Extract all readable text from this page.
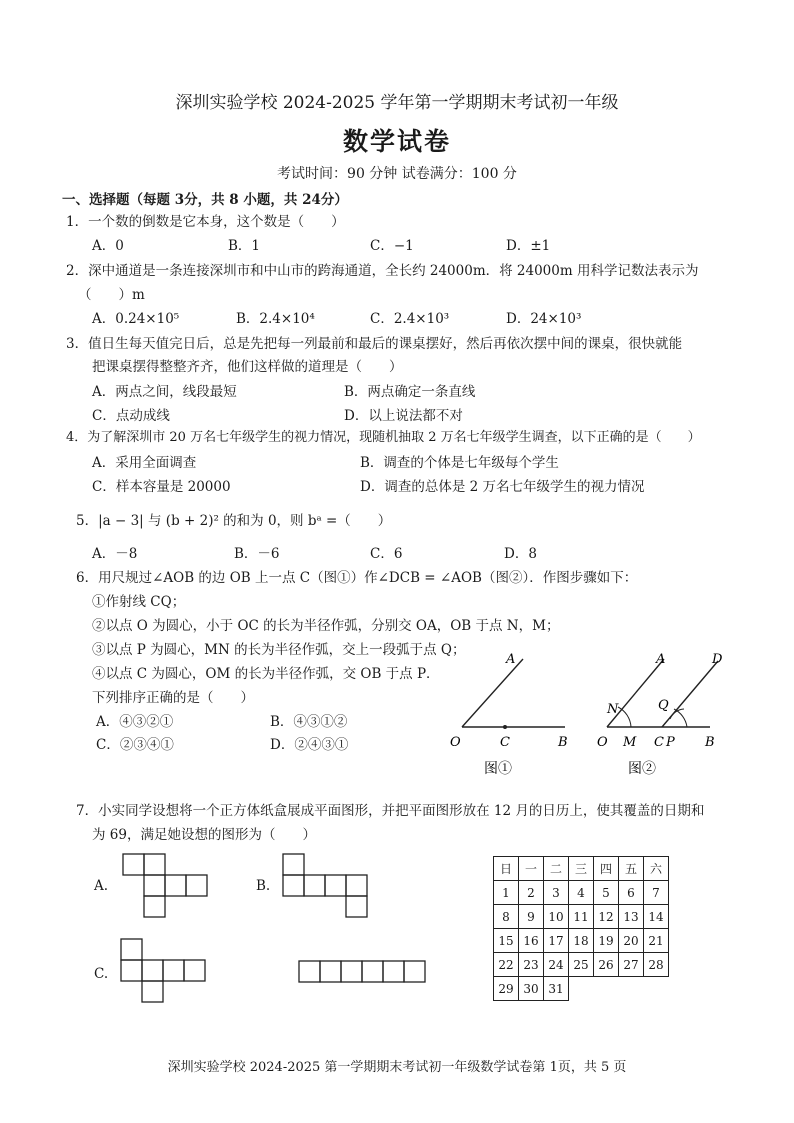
深圳实验学校 2024-2025 学年第一学期期末考试初一年级
数学试卷
考试时间：90 分钟 试卷满分：100 分
一、选择题（每题 3分，共 8 小题，共 24分）
1．一个数的倒数是它本身，这个数是（　　）
A．0	B．1	C．−1	D．±1
2．深中通道是一条连接深圳市和中山市的跨海通道，全长约 24000m．将 24000m 用科学记数法表示为
（　　）m
A．0.24×10⁵	B．2.4×10⁴	C．2.4×10³	D．24×10³
3．值日生每天值完日后，总是先把每一列最前和最后的课桌摆好，然后再依次摆中间的课桌，很快就能
把课桌摆得整整齐齐，他们这样做的道理是（　　）
A．两点之间，线段最短	B．两点确定一条直线
C．点动成线	D．以上说法都不对
4．为了解深圳市 20 万名七年级学生的视力情况，现随机抽取 2 万名七年级学生调查，以下正确的是（　　）
A．采用全面调查	B．调查的个体是七年级每个学生
C．样本容量是 20000	D．调查的总体是 2 万名七年级学生的视力情况
5．|a − 3| 与 (b + 2)² 的和为 0，则 bᵃ =（　　）
A．－8	B．－6	C．6	D．8
6．用尺规过∠AOB 的边 OB 上一点 C（图①）作∠DCB = ∠AOB（图②）．作图步骤如下：
①作射线 CQ；
②以点 O 为圆心，小于 OC 的长为半径作弧，分别交 OA，OB 于点 N，M；
③以点 P 为圆心，MN 的长为半径作弧，交上一段弧于点 Q；
④以点 C 为圆心，OM 的长为半径作弧，交 OB 于点 P．
下列排序正确的是（　　）
A．④③②①	B．④③①②
C．②③④①	D．②④③①
A
O	C	B
图①
A	D
N	Q
O M C P B
图②
7．小实同学设想将一个正方体纸盒展成平面图形，并把平面图形放在 12 月的日历上，使其覆盖的日期和
为 69，满足她设想的图形为（　　）
A.	B.
C.
日	一	二	三	四	五	六
1	2	3	4	5	6	7
8	9	10	11	12	13	14
15	16	17	18	19	20	21
22	23	24	25	26	27	28
29	30	31				
深圳实验学校 2024-2025 第一学期期末考试初一年级数学试卷第 1页，共 5 页
